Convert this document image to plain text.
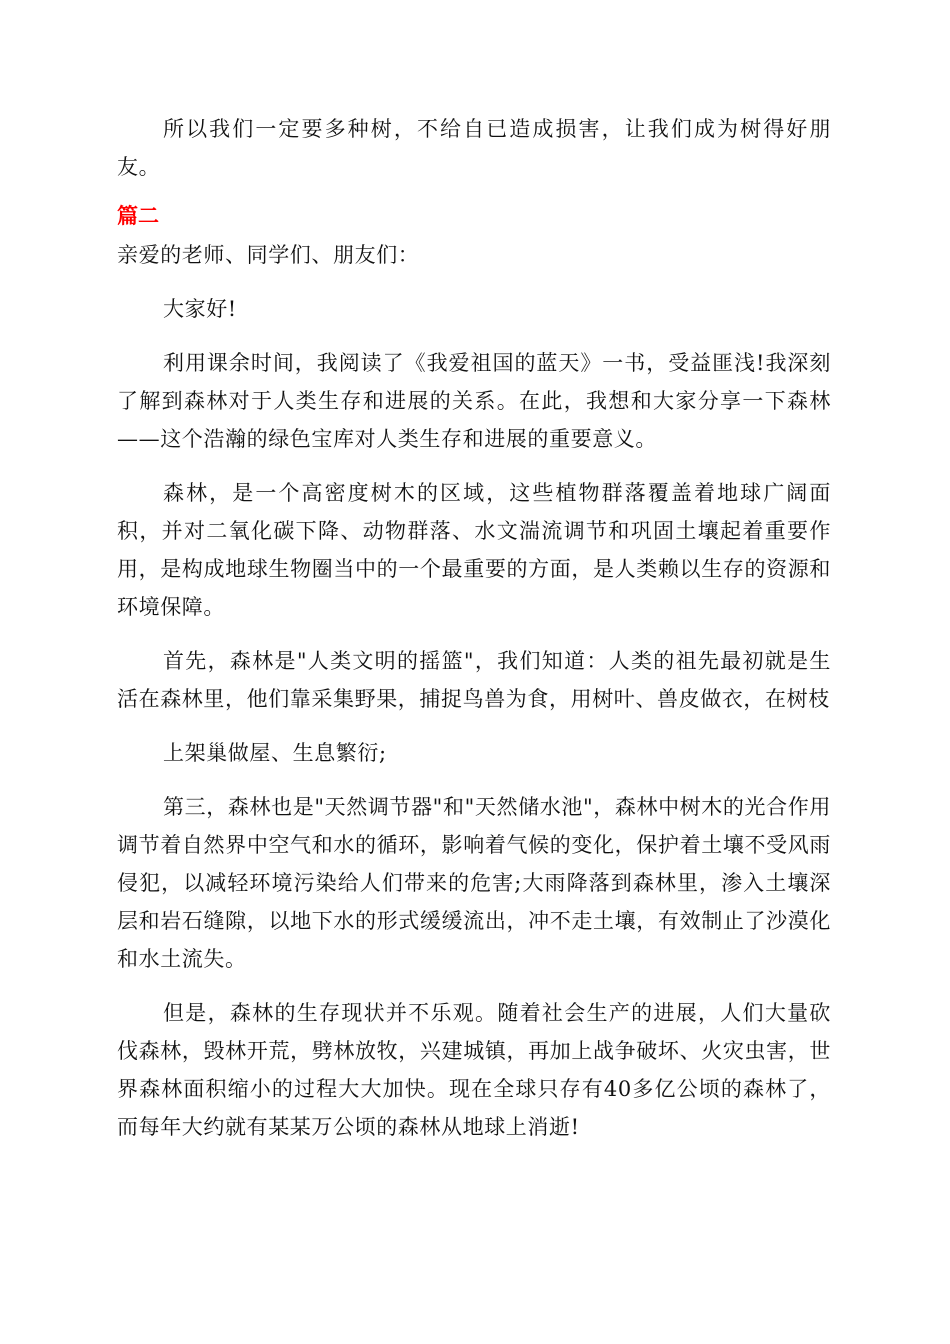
所以我们一定要多种树，不给自已造成损害，让我们成为树得好朋友。

篇二

亲爱的老师、同学们、朋友们：

大家好!

利用课余时间，我阅读了《我爱祖国的蓝天》一书，受益匪浅!我深刻了解到森林对于人类生存和进展的关系。在此，我想和大家分享一下森林——这个浩瀚的绿色宝库对人类生存和进展的重要意义。

森林，是一个高密度树木的区域，这些植物群落覆盖着地球广阔面积，并对二氧化碳下降、动物群落、水文湍流调节和巩固土壤起着重要作用，是构成地球生物圈当中的一个最重要的方面，是人类赖以生存的资源和环境保障。

首先，森林是"人类文明的摇篮"，我们知道：人类的祖先最初就是生活在森林里，他们靠采集野果，捕捉鸟兽为食，用树叶、兽皮做衣，在树枝

上架巢做屋、生息繁衍;

第三，森林也是"天然调节器"和"天然储水池"，森林中树木的光合作用调节着自然界中空气和水的循环，影响着气候的变化，保护着土壤不受风雨侵犯，以减轻环境污染给人们带来的危害;大雨降落到森林里，渗入土壤深层和岩石缝隙，以地下水的形式缓缓流出，冲不走土壤，有效制止了沙漠化和水土流失。

但是，森林的生存现状并不乐观。随着社会生产的进展，人们大量砍伐森林，毁林开荒，劈林放牧，兴建城镇，再加上战争破坏、火灾虫害，世界森林面积缩小的过程大大加快。现在全球只存有40多亿公顷的森林了，而每年大约就有某某万公顷的森林从地球上消逝!
